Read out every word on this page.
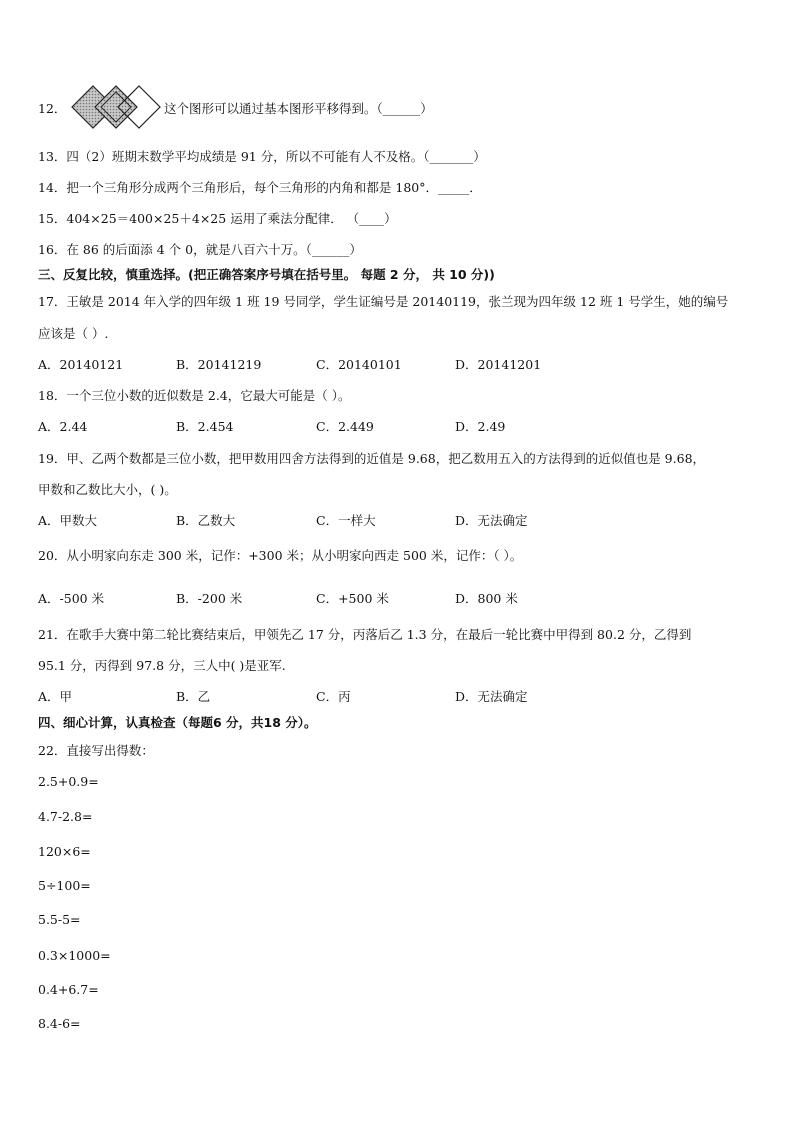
12．	这个图形可以通过基本图形平移得到。（______）
13．四（2）班期末数学平均成绩是 91 分，所以不可能有人不及格。（_______）
14．把一个三角形分成两个三角形后，每个三角形的内角和都是 180°．_____．
15．404×25＝400×25＋4×25 运用了乘法分配律． （____）
16．在 86 的后面添 4 个 0，就是八百六十万。（______）
三、反复比较，慎重选择。(把正确答案序号填在括号里。 每题 2 分， 共 10 分))
17．王敏是 2014 年入学的四年级 1 班 19 号同学，学生证编号是 20140119，张兰现为四年级 12 班 1 号学生，她的编号
应该是（ ）.
A．20140121	B．20141219	C．20140101	D．20141201
18．一个三位小数的近似数是 2.4，它最大可能是（ ）。
A．2.44	B．2.454	C．2.449	D．2.49
19．甲、乙两个数都是三位小数，把甲数用四舍方法得到的近值是 9.68，把乙数用五入的方法得到的近似值也是 9.68，
甲数和乙数比大小，( )。
A．甲数大	B．乙数大	C．一样大	D．无法确定
20．从小明家向东走 300 米，记作：+300 米；从小明家向西走 500 米，记作：（ ）。
A．-500 米	B．-200 米	C．+500 米	D．800 米
21．在歌手大赛中第二轮比赛结束后，甲领先乙 17 分，丙落后乙 1.3 分，在最后一轮比赛中甲得到 80.2 分，乙得到
95.1 分，丙得到 97.8 分，三人中( )是亚军.
A．甲	B．乙	C．丙	D．无法确定
四、细心计算，认真检查（每题6 分，共18 分）。
22．直接写出得数：
2.5+0.9=
4.7-2.8=
120×6=
5÷100=
5.5-5=
0.3×1000=
0.4+6.7=
8.4-6=
